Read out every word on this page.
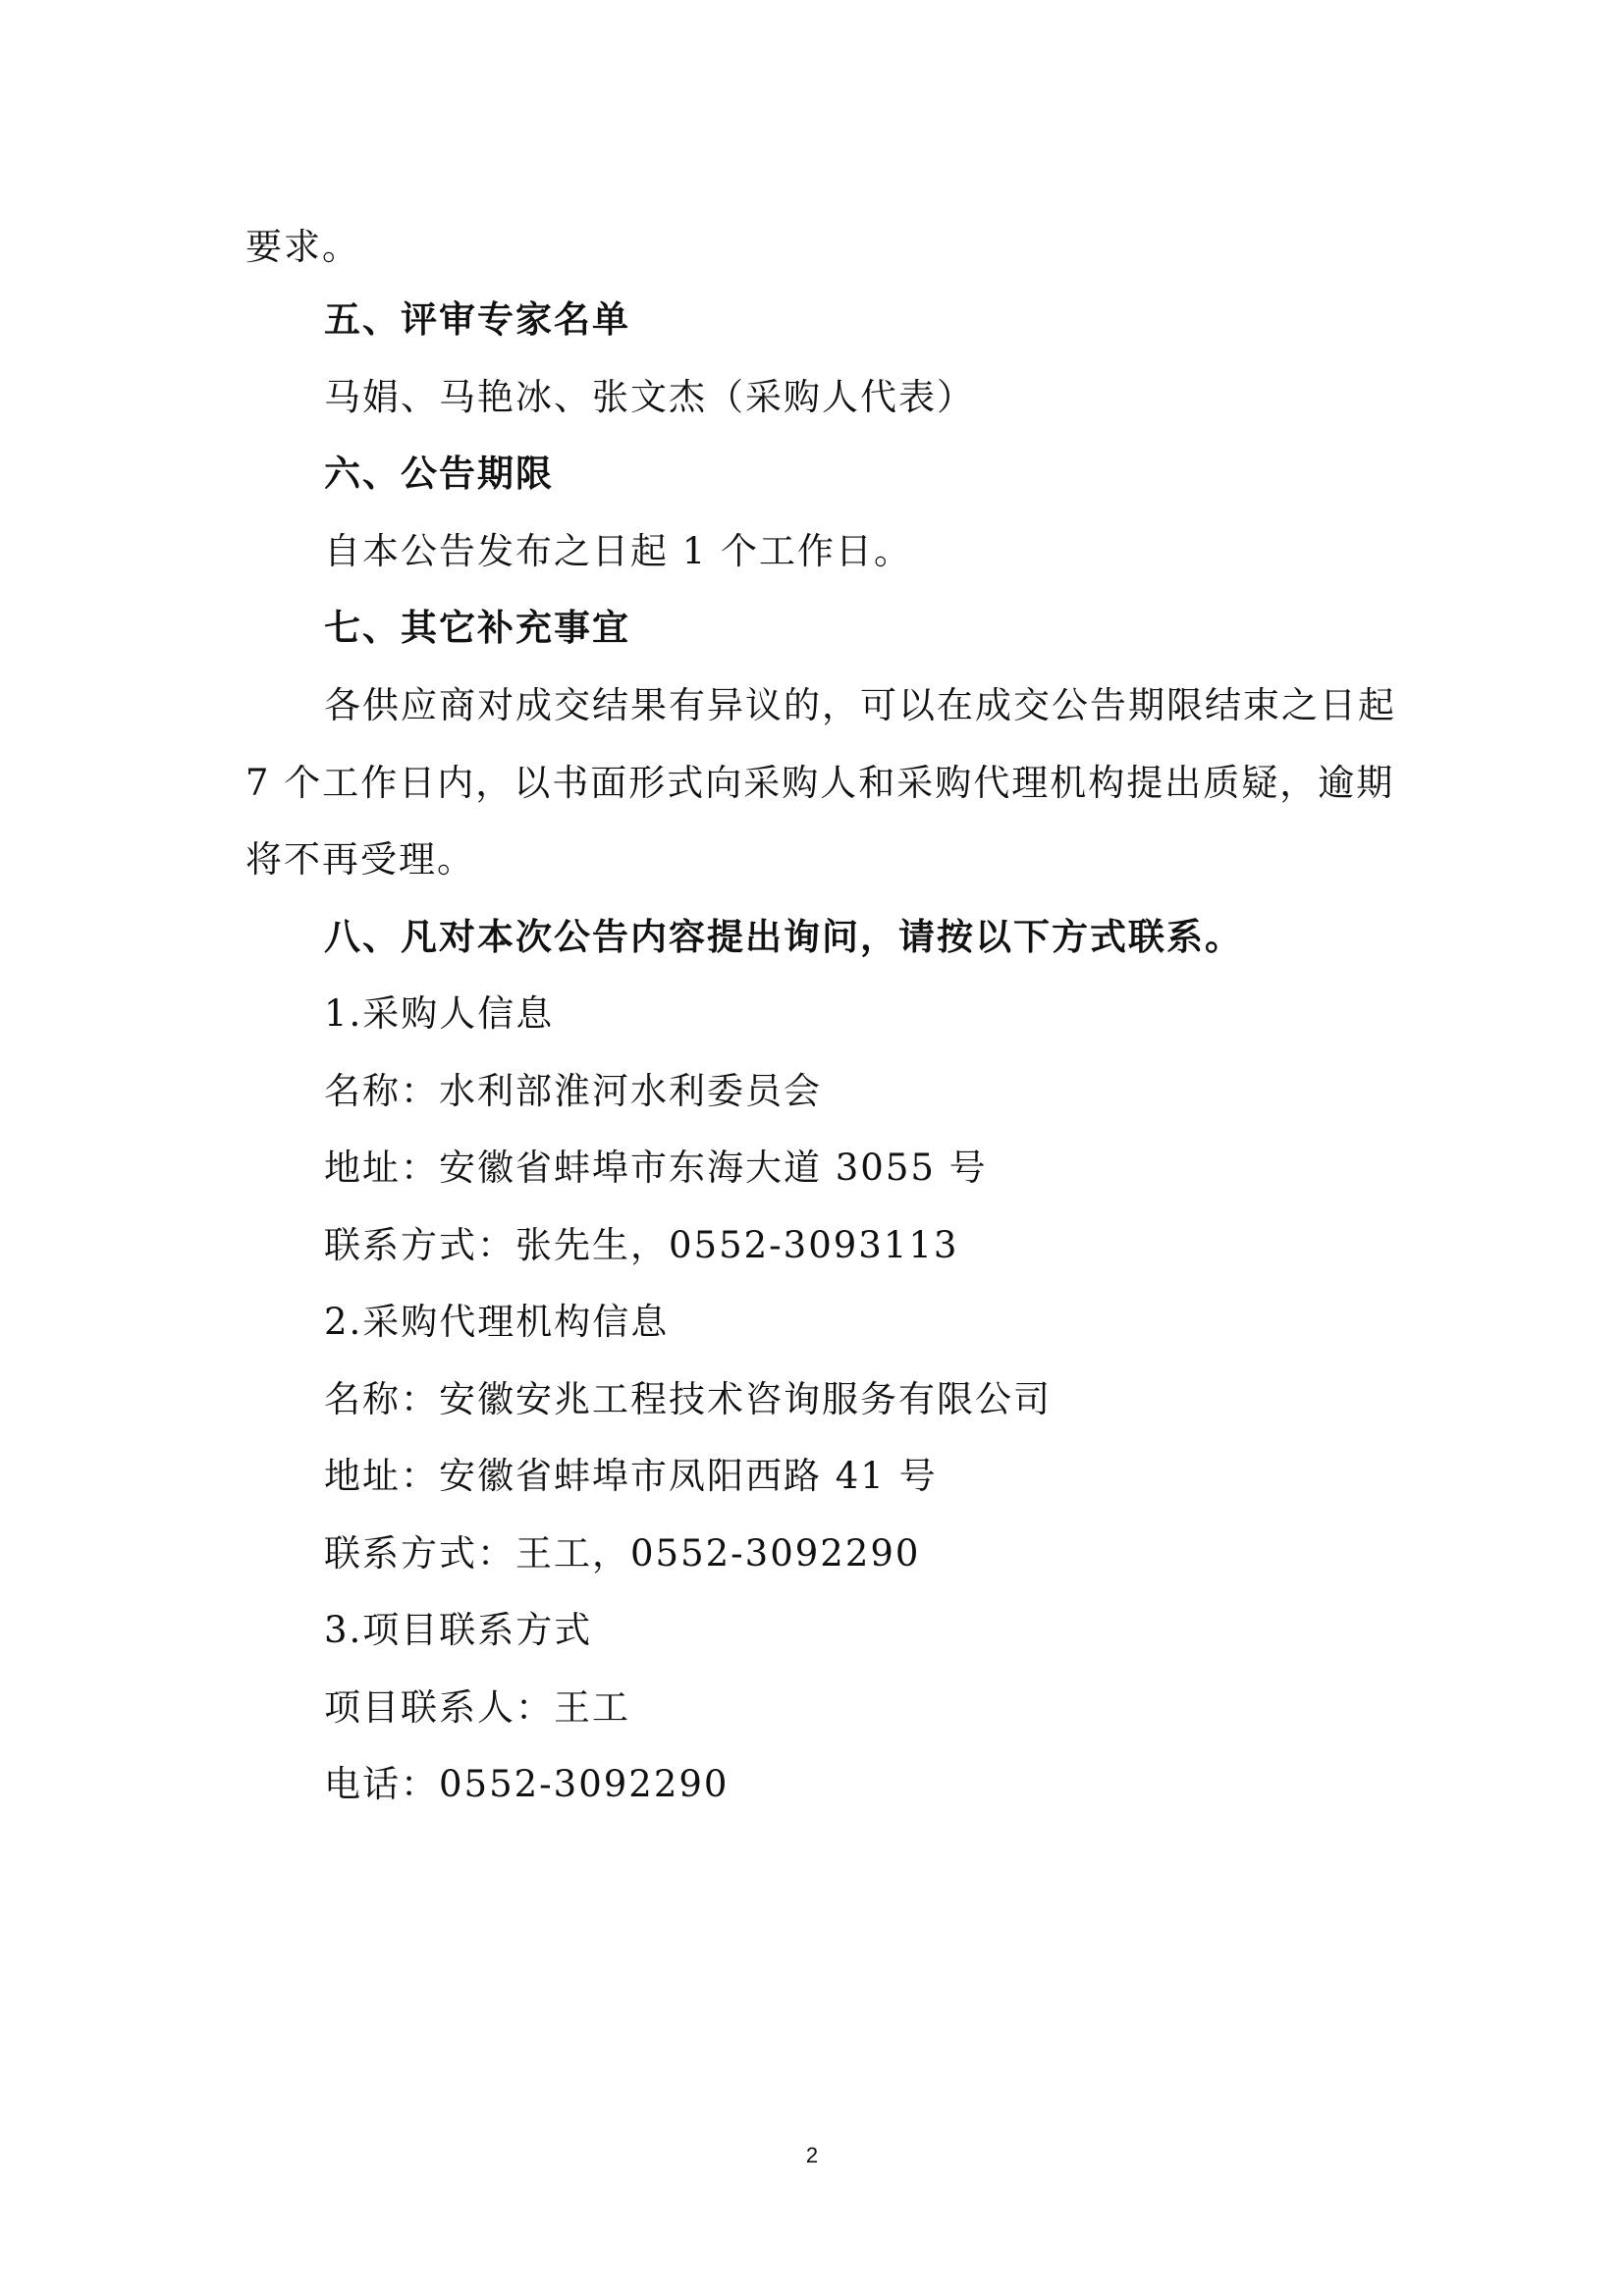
要求。
五、评审专家名单
马娟、马艳冰、张文杰（采购人代表）
六、公告期限
自本公告发布之日起 1 个工作日。
七、其它补充事宜
各供应商对成交结果有异议的，可以在成交公告期限结束之日起
7 个工作日内，以书面形式向采购人和采购代理机构提出质疑，逾期
将不再受理。
八、凡对本次公告内容提出询问，请按以下方式联系。
1.采购人信息
名称：水利部淮河水利委员会
地址：安徽省蚌埠市东海大道 3055 号
联系方式：张先生，0552-3093113
2.采购代理机构信息
名称：安徽安兆工程技术咨询服务有限公司
地址：安徽省蚌埠市凤阳西路 41 号
联系方式：王工，0552-3092290
3.项目联系方式
项目联系人：王工
电话：0552-3092290
2
